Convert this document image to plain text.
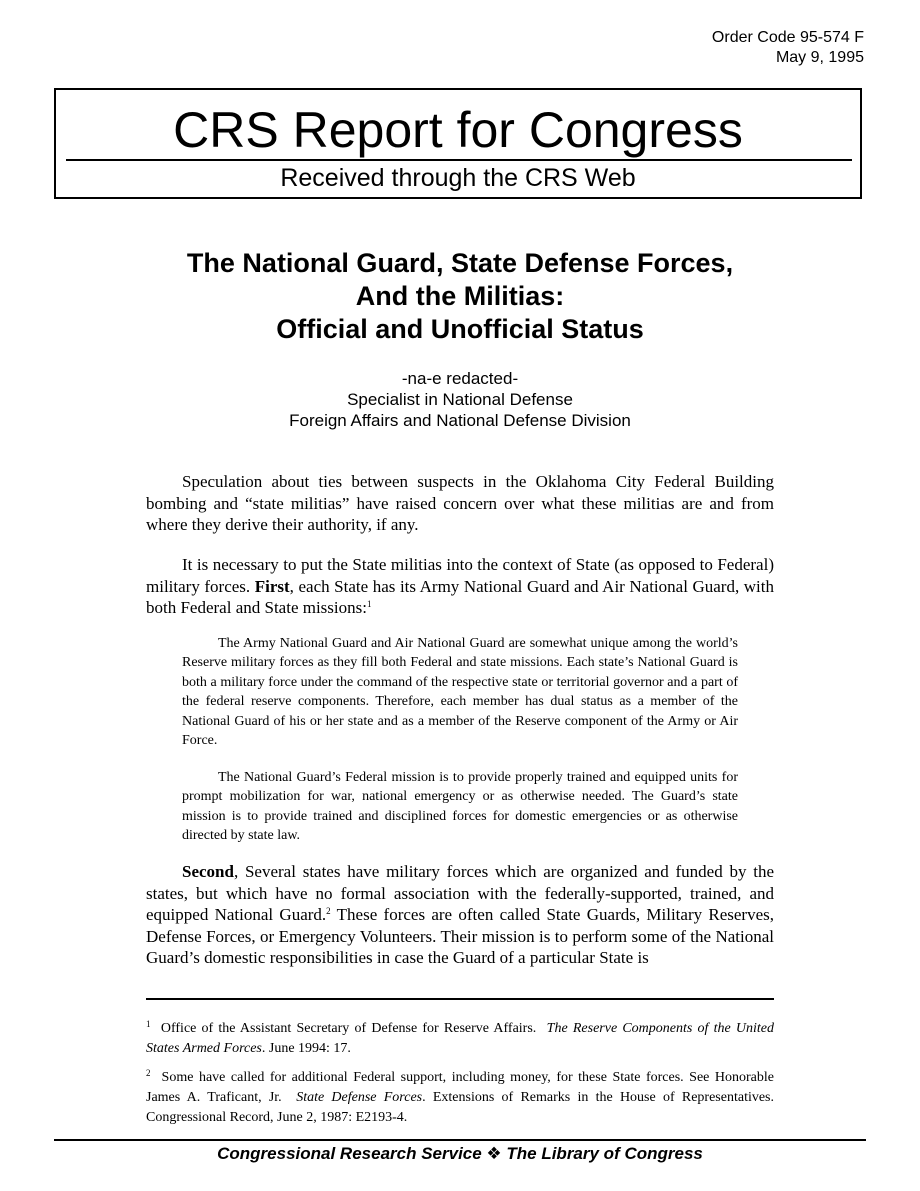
Order Code 95-574 F
May 9, 1995
CRS Report for Congress
Received through the CRS Web
The National Guard, State Defense Forces,
And the Militias:
Official and Unofficial Status
-na-e redacted-
Specialist in National Defense
Foreign Affairs and National Defense Division

Speculation about ties between suspects in the Oklahoma City Federal Building bombing and “state militias” have raised concern over what these militias are and from where they derive their authority, if any.

It is necessary to put the State militias into the context of State (as opposed to Federal) military forces. First, each State has its Army National Guard and Air National Guard, with both Federal and State missions:$^1$

The Army National Guard and Air National Guard are somewhat unique among the world’s Reserve military forces as they fill both Federal and state missions. Each state’s National Guard is both a military force under the command of the respective state or territorial governor and a part of the federal reserve components. Therefore, each member has dual status as a member of the National Guard of his or her state and as a member of the Reserve component of the Army or Air Force.

The National Guard’s Federal mission is to provide properly trained and equipped units for prompt mobilization for war, national emergency or as otherwise needed. The Guard’s state mission is to provide trained and disciplined forces for domestic emergencies or as otherwise directed by state law.

Second, Several states have military forces which are organized and funded by the states, but which have no formal association with the federally-supported, trained, and equipped National Guard.$^2$ These forces are often called State Guards, Military Reserves, Defense Forces, or Emergency Volunteers. Their mission is to perform some of the National Guard’s domestic responsibilities in case the Guard of a particular State is

$^1$ Office of the Assistant Secretary of Defense for Reserve Affairs. The Reserve Components of the United States Armed Forces. June 1994: 17.

$^2$ Some have called for additional Federal support, including money, for these State forces. See Honorable James A. Traficant, Jr. State Defense Forces. Extensions of Remarks in the House of Representatives. Congressional Record, June 2, 1987: E2193-4.

Congressional Research Service ❖ The Library of Congress
